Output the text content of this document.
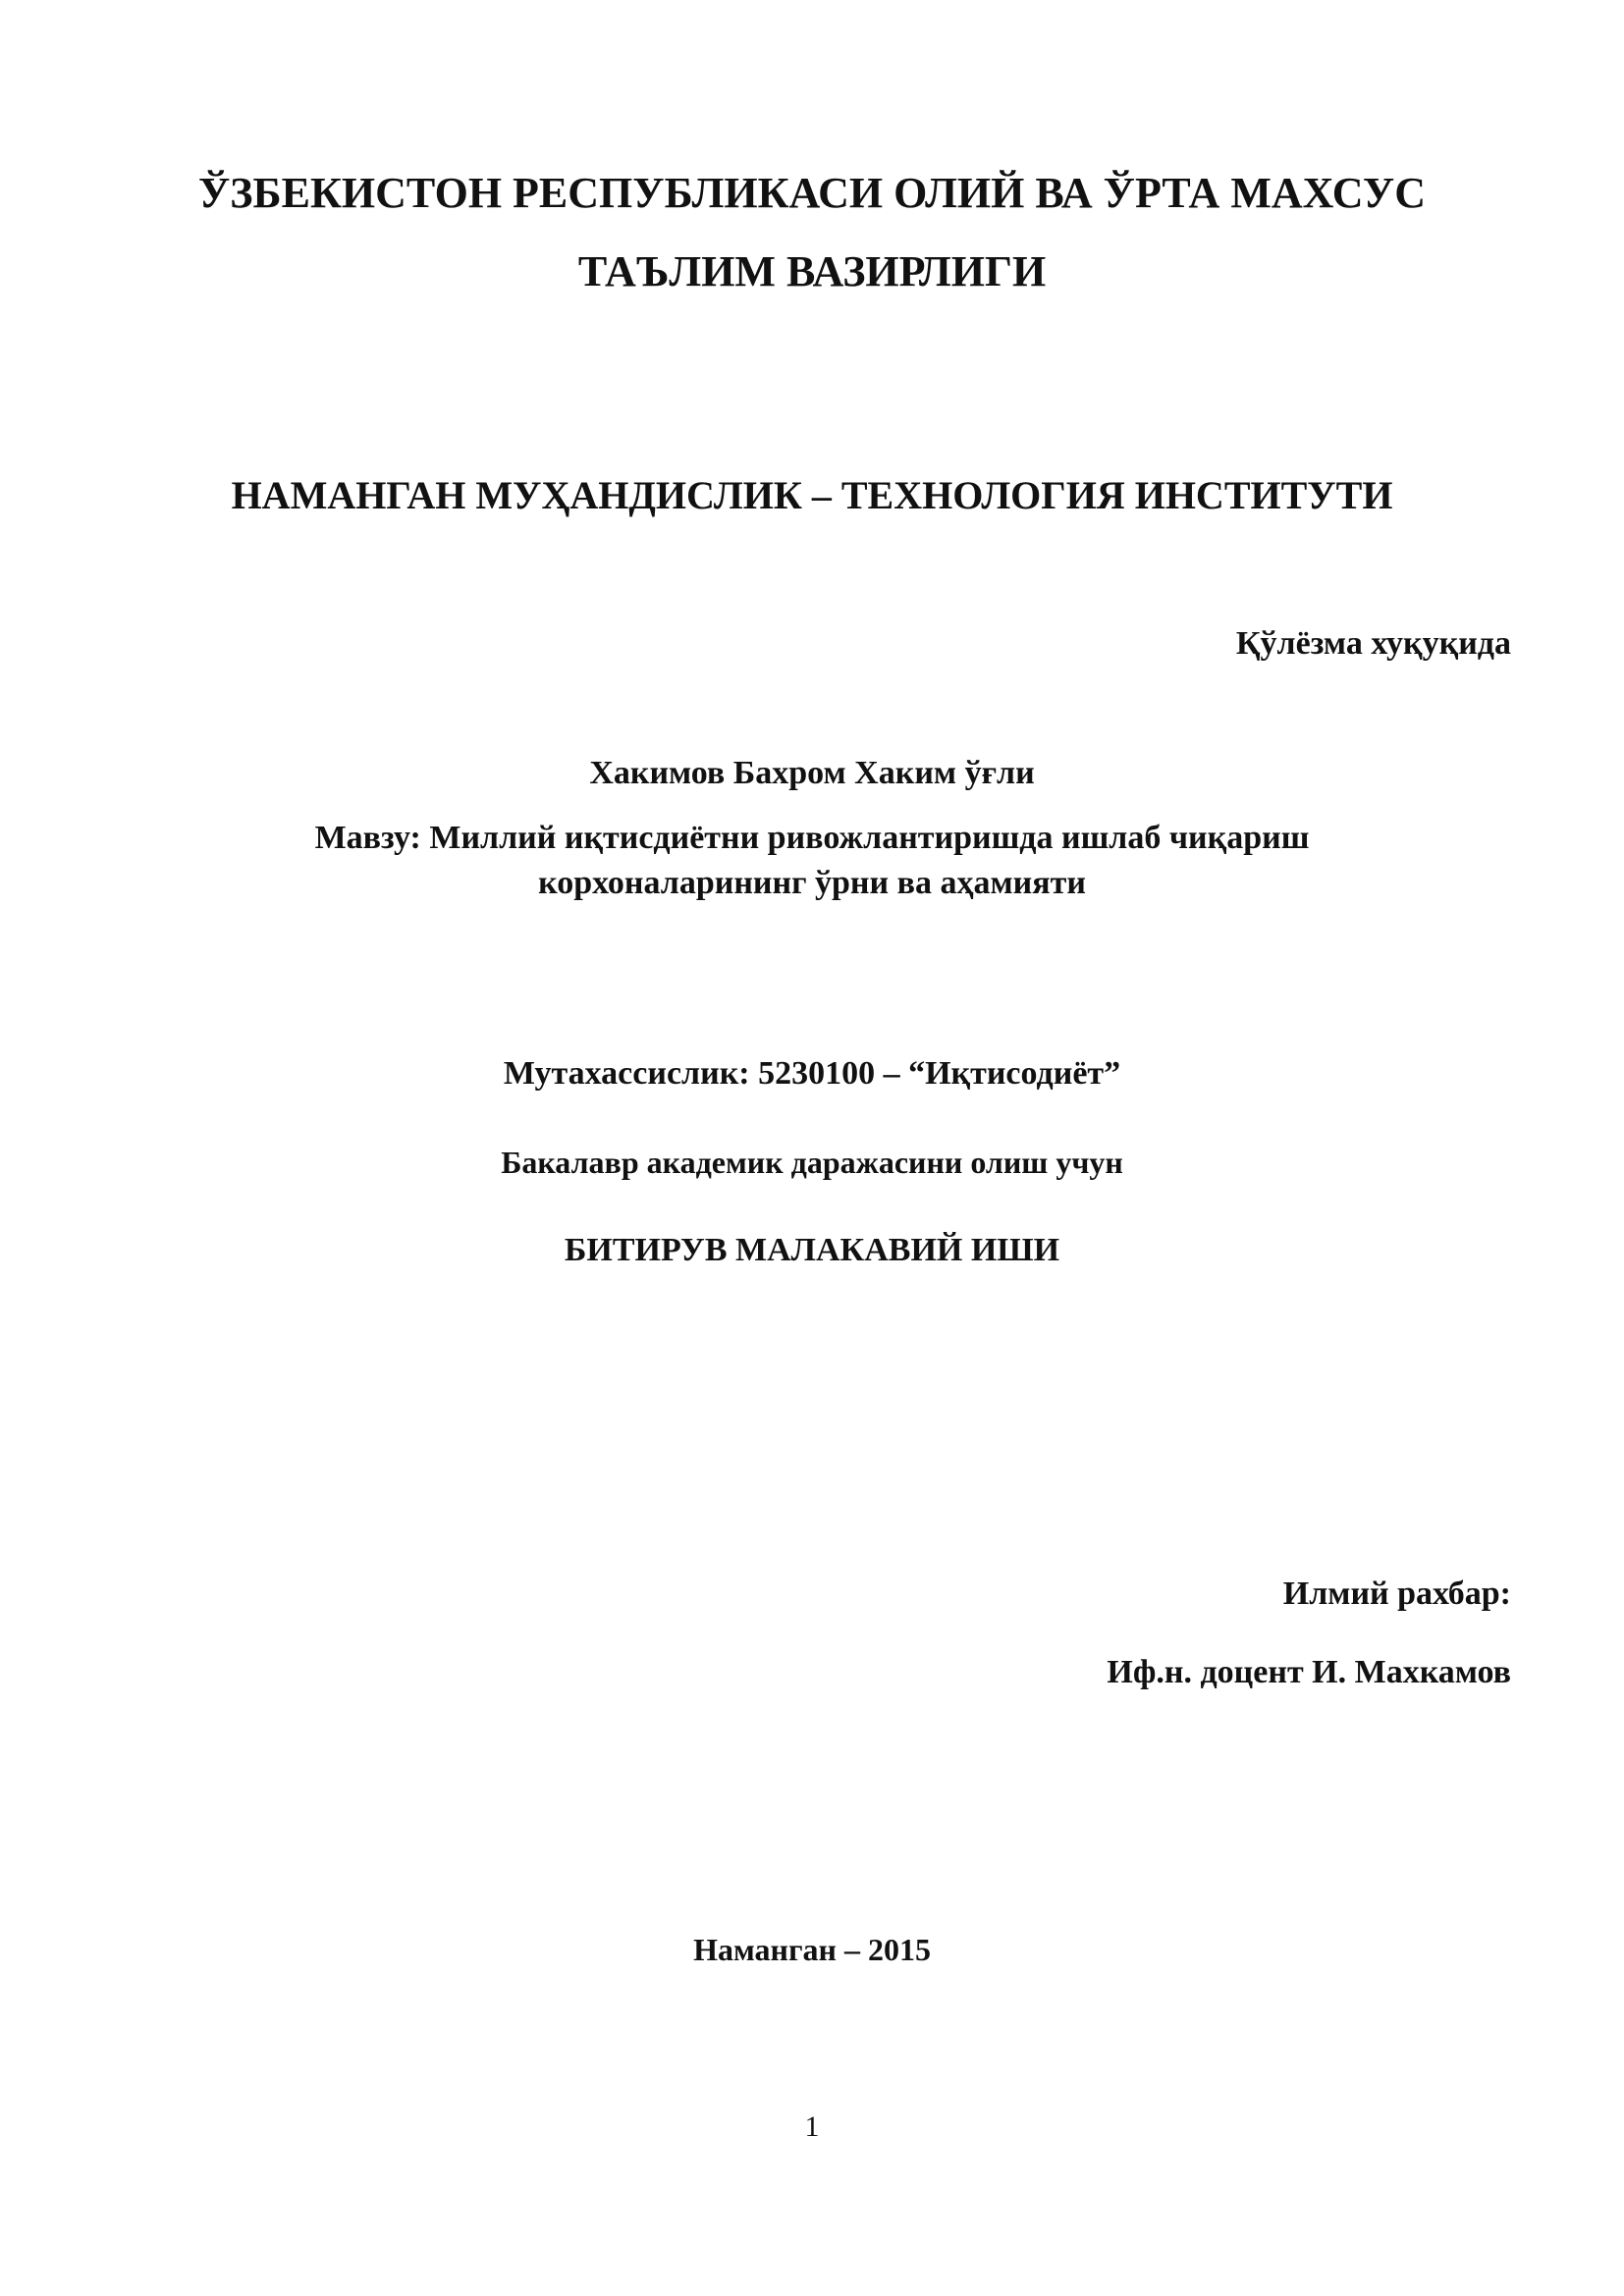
ЎЗБЕКИСТОН РЕСПУБЛИКАСИ ОЛИЙ ВА ЎРТА МАХСУС
ТАЪЛИМ ВАЗИРЛИГИ
НАМАНГАН МУҲАНДИСЛИК – ТЕХНОЛОГИЯ ИНСТИТУТИ
Қўлёзма хуқуқида
Хакимов Бахром Хаким ўғли
Мавзу: Миллий иқтисдиётни ривожлантиришда ишлаб чиқариш
корхоналарининг ўрни ва аҳамияти
Мутахассислик: 5230100 – “Иқтисодиёт”
Бакалавр академик даражасини олиш учун
БИТИРУВ МАЛАКАВИЙ ИШИ
Илмий рахбар:
Иф.н. доцент И. Махкамов
Наманган – 2015
1
